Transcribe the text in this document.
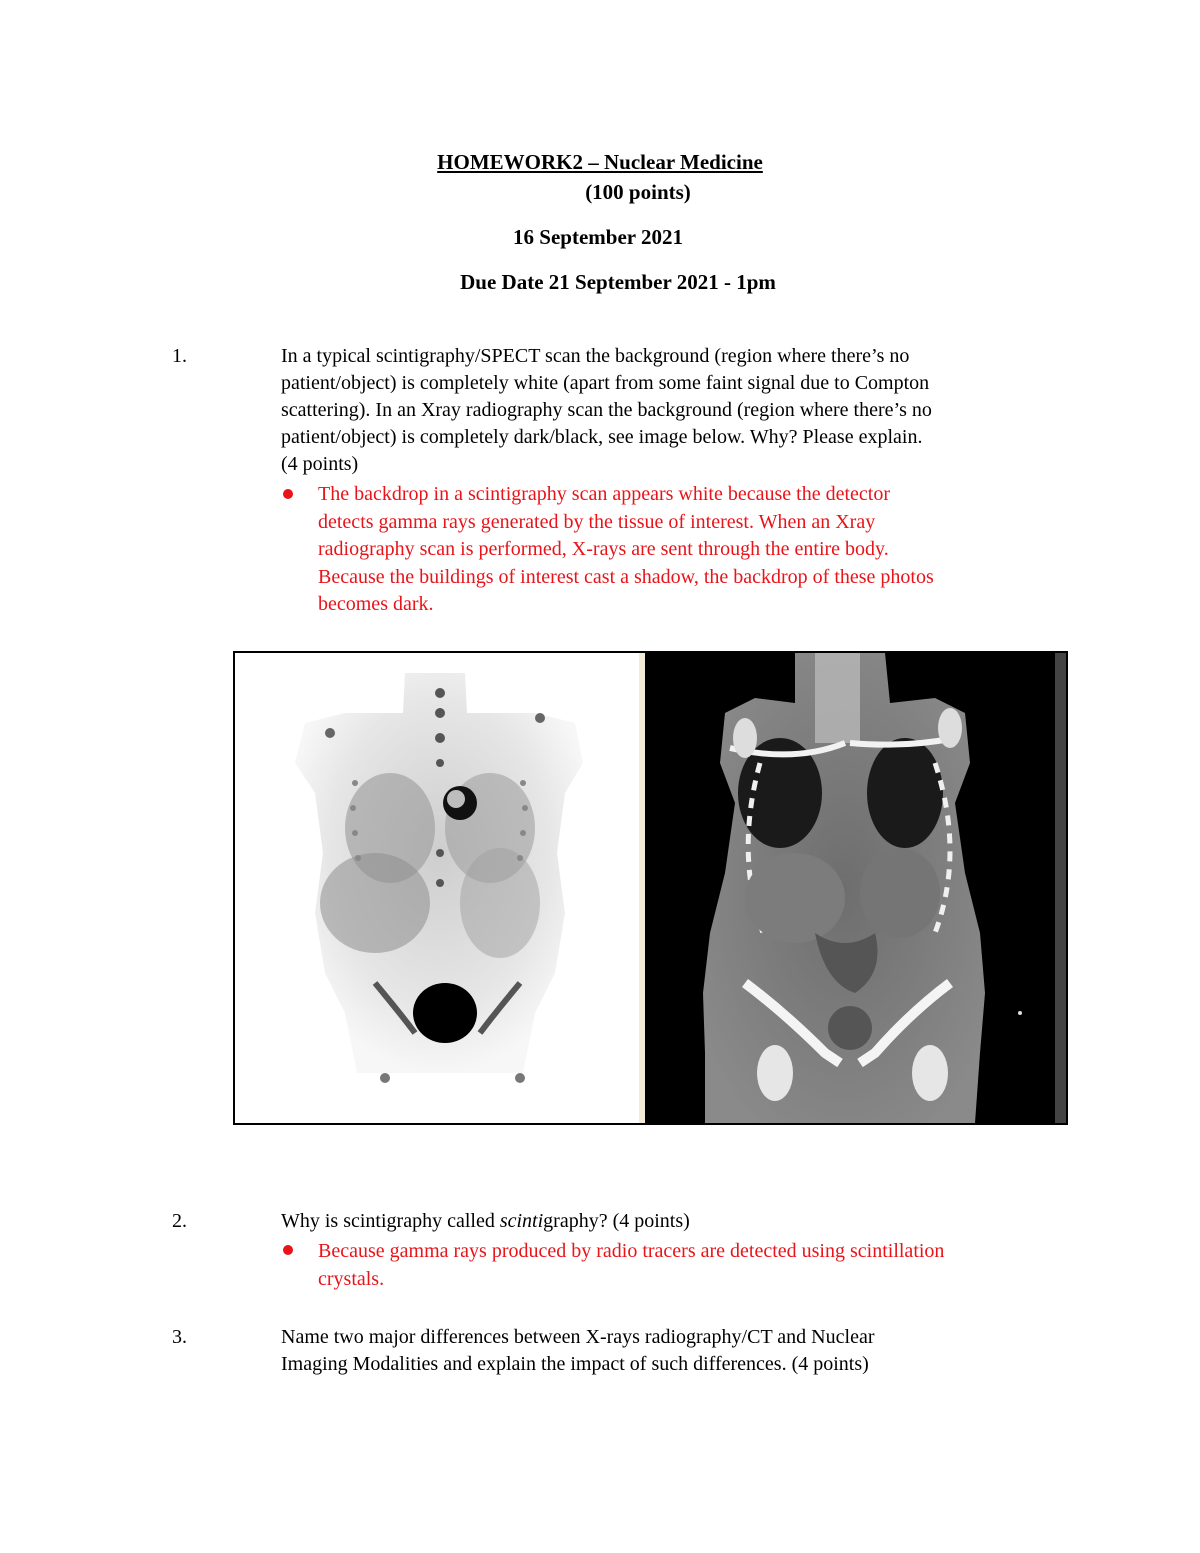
HOMEWORK2 – Nuclear Medicine
(100 points)
16 September 2021
Due Date 21 September 2021 - 1pm
1.	In a typical scintigraphy/SPECT scan the background (region where there’s no
patient/object) is completely white (apart from some faint signal due to Compton
scattering). In an Xray radiography scan the background (region where there’s no
patient/object) is completely dark/black, see image below. Why? Please explain.
(4 points)
The backdrop in a scintigraphy scan appears white because the detector
detects gamma rays generated by the tissue of interest. When an Xray
radiography scan is performed, X-rays are sent through the entire body.
Because the buildings of interest cast a shadow, the backdrop of these photos
becomes dark.
2.	Why is scintigraphy called scintigraphy? (4 points)
Because gamma rays produced by radio tracers are detected using scintillation
crystals.
3.	Name two major differences between X-rays radiography/CT and Nuclear
Imaging Modalities and explain the impact of such differences. (4 points)
